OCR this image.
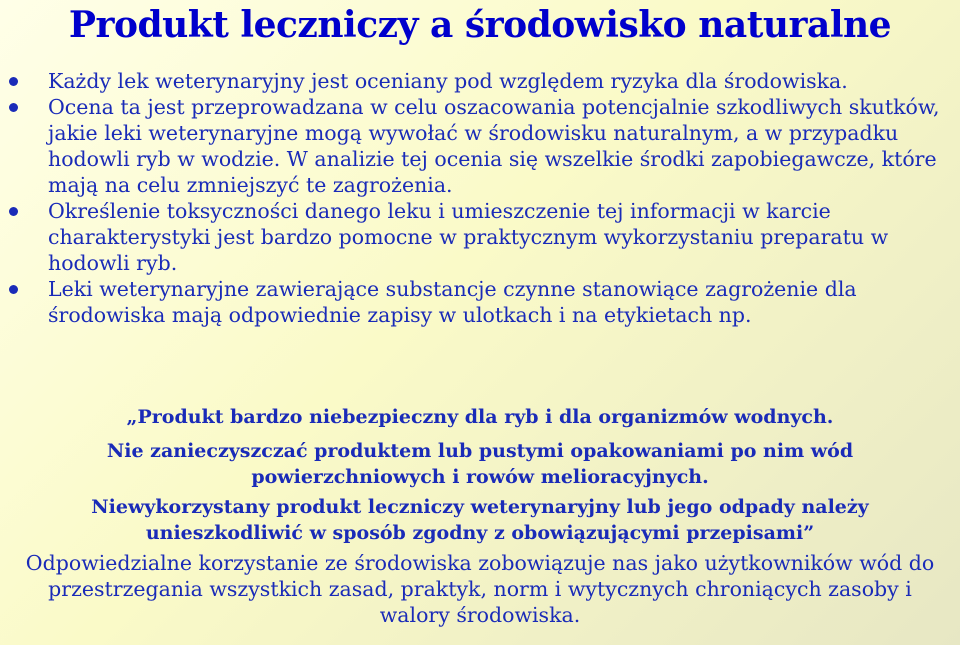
Produkt leczniczy a środowisko naturalne
Każdy lek weterynaryjny jest oceniany pod względem ryzyka dla środowiska.
Ocena ta jest przeprowadzana w celu oszacowania potencjalnie szkodliwych skutków, jakie leki weterynaryjne mogą wywołać w środowisku naturalnym, a w przypadku hodowli ryb w wodzie. W analizie tej ocenia się wszelkie środki zapobiegawcze, które mają na celu zmniejszyć te zagrożenia.
Określenie toksyczności danego leku i umieszczenie tej informacji w karcie charakterystyki jest bardzo pomocne w praktycznym wykorzystaniu preparatu w hodowli ryb.
Leki weterynaryjne zawierające substancje czynne stanowiące zagrożenie dla środowiska mają odpowiednie zapisy w ulotkach i na etykietach np.
„Produkt bardzo niebezpieczny dla ryb i dla organizmów wodnych.
Nie zanieczyszczać produktem lub pustymi opakowaniami po nim wód powierzchniowych i rowów melioracyjnych.
Niewykorzystany produkt leczniczy weterynaryjny lub jego odpady należy unieszkodliwić w sposób zgodny z obowiązującymi przepisami”
Odpowiedzialne korzystanie ze środowiska zobowiązuje nas jako użytkowników wód do przestrzegania wszystkich zasad, praktyk, norm i wytycznych chroniących zasoby i walory środowiska.
